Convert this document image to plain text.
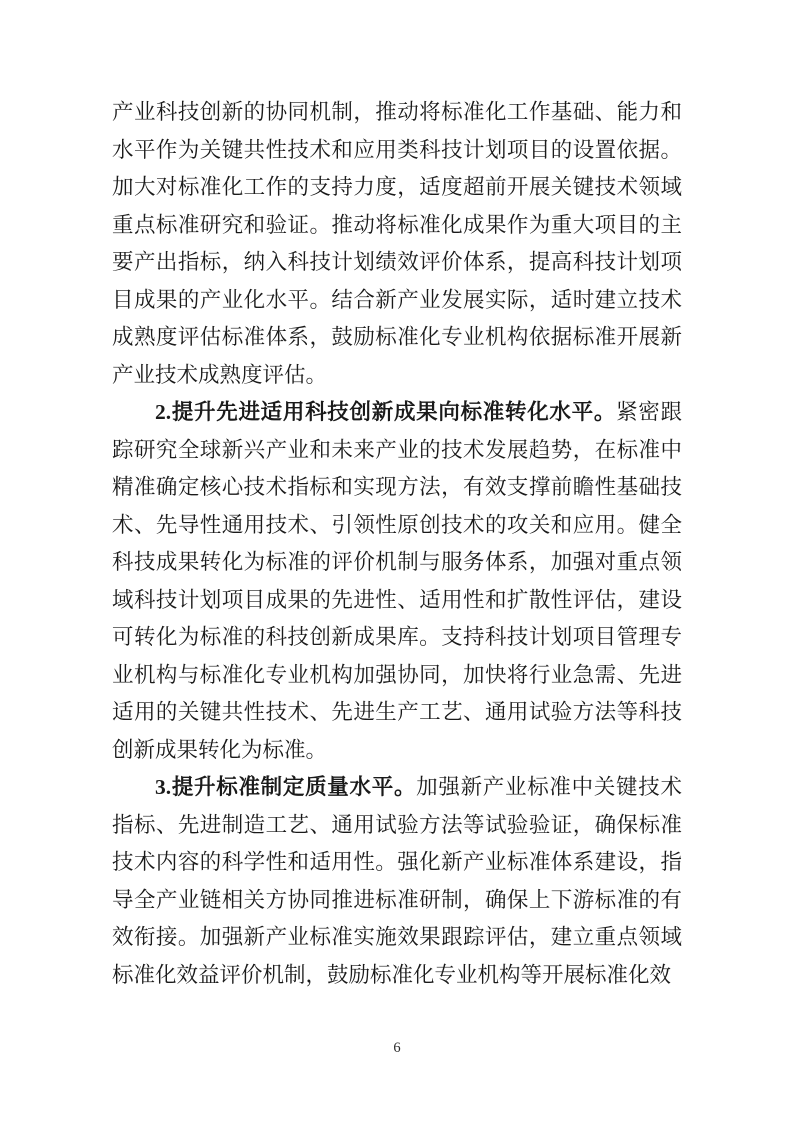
产业科技创新的协同机制，推动将标准化工作基础、能力和水平作为关键共性技术和应用类科技计划项目的设置依据。加大对标准化工作的支持力度，适度超前开展关键技术领域重点标准研究和验证。推动将标准化成果作为重大项目的主要产出指标，纳入科技计划绩效评价体系，提高科技计划项目成果的产业化水平。结合新产业发展实际，适时建立技术成熟度评估标准体系，鼓励标准化专业机构依据标准开展新产业技术成熟度评估。

2.提升先进适用科技创新成果向标准转化水平。紧密跟踪研究全球新兴产业和未来产业的技术发展趋势，在标准中精准确定核心技术指标和实现方法，有效支撑前瞻性基础技术、先导性通用技术、引领性原创技术的攻关和应用。健全科技成果转化为标准的评价机制与服务体系，加强对重点领域科技计划项目成果的先进性、适用性和扩散性评估，建设可转化为标准的科技创新成果库。支持科技计划项目管理专业机构与标准化专业机构加强协同，加快将行业急需、先进适用的关键共性技术、先进生产工艺、通用试验方法等科技创新成果转化为标准。

3.提升标准制定质量水平。加强新产业标准中关键技术指标、先进制造工艺、通用试验方法等试验验证，确保标准技术内容的科学性和适用性。强化新产业标准体系建设，指导全产业链相关方协同推进标准研制，确保上下游标准的有效衔接。加强新产业标准实施效果跟踪评估，建立重点领域标准化效益评价机制，鼓励标准化专业机构等开展标准化效

6
